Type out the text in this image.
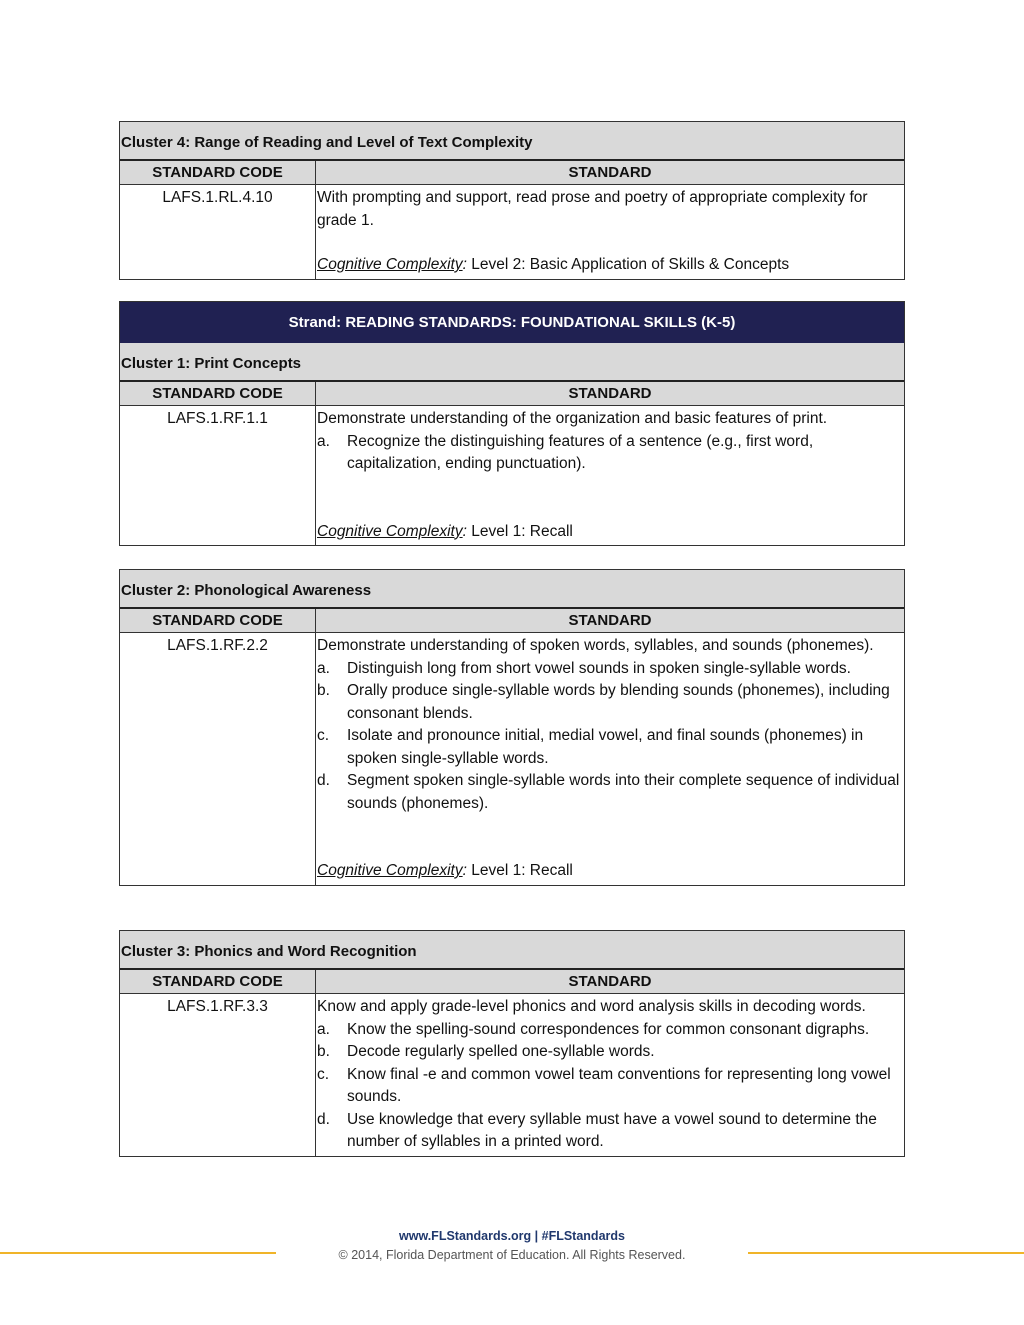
Cluster 4: Range of Reading and Level of Text Complexity
STANDARD CODE	STANDARD
LAFS.1.RL.4.10	With prompting and support, read prose and poetry of appropriate complexity for grade 1.
Cognitive Complexity: Level 2: Basic Application of Skills & Concepts
Strand: READING STANDARDS: FOUNDATIONAL SKILLS (K-5)
Cluster 1: Print Concepts
STANDARD CODE	STANDARD
LAFS.1.RF.1.1	Demonstrate understanding of the organization and basic features of print.
a.	Recognize the distinguishing features of a sentence (e.g., first word, capitalization, ending punctuation).
Cognitive Complexity: Level 1: Recall
Cluster 2: Phonological Awareness
STANDARD CODE	STANDARD
LAFS.1.RF.2.2	Demonstrate understanding of spoken words, syllables, and sounds (phonemes).
a.	Distinguish long from short vowel sounds in spoken single-syllable words.
b.	Orally produce single-syllable words by blending sounds (phonemes), including consonant blends.
c.	Isolate and pronounce initial, medial vowel, and final sounds (phonemes) in spoken single-syllable words.
d.	Segment spoken single-syllable words into their complete sequence of individual sounds (phonemes).
Cognitive Complexity: Level 1: Recall
Cluster 3: Phonics and Word Recognition
STANDARD CODE	STANDARD
LAFS.1.RF.3.3	Know and apply grade-level phonics and word analysis skills in decoding words.
a.	Know the spelling-sound correspondences for common consonant digraphs.
b.	Decode regularly spelled one-syllable words.
c.	Know final -e and common vowel team conventions for representing long vowel sounds.
d.	Use knowledge that every syllable must have a vowel sound to determine the number of syllables in a printed word.
www.FLStandards.org | #FLStandards
© 2014, Florida Department of Education. All Rights Reserved.
